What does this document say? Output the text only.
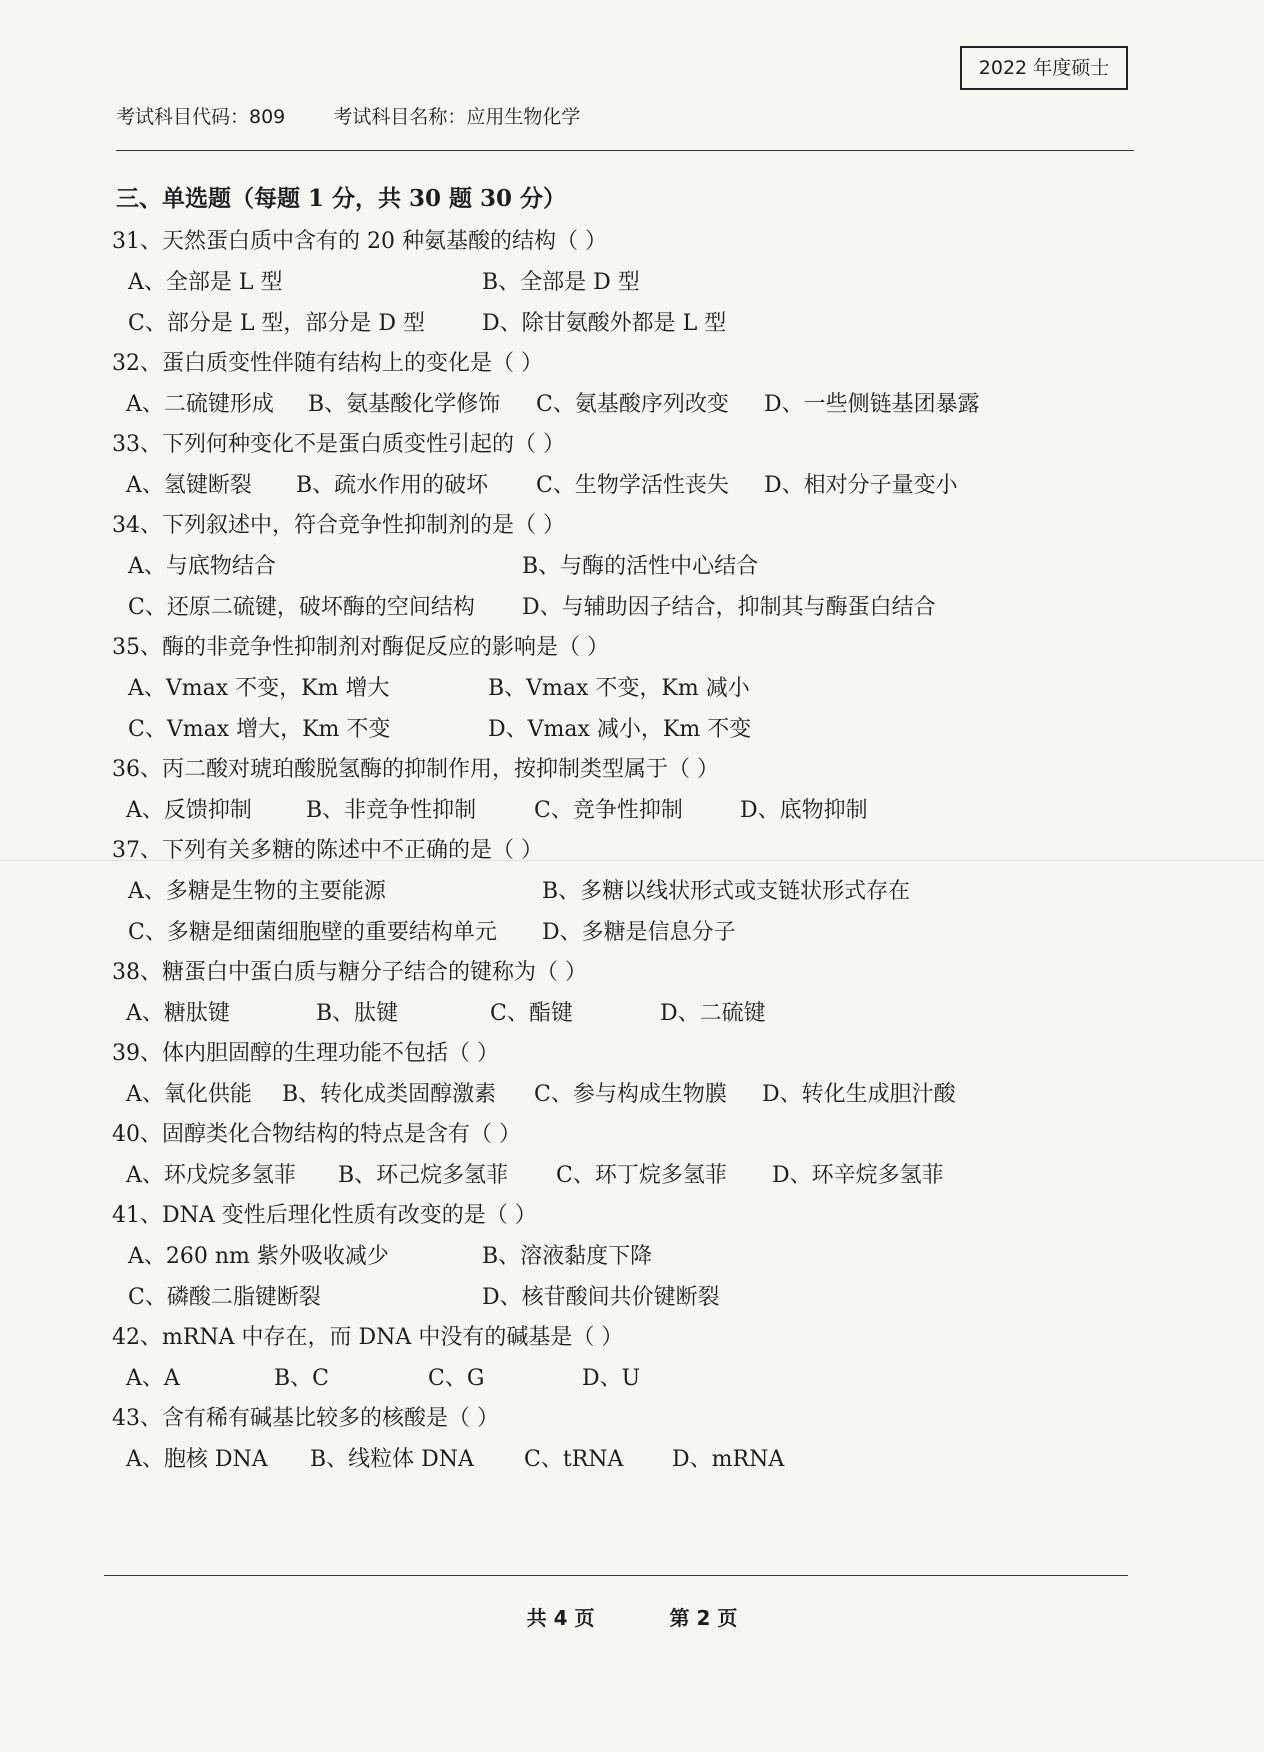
2022 年度硕士
考试科目代码：809	考试科目名称：应用生物化学
三、单选题（每题 1 分，共 30 题 30 分）
31、天然蛋白质中含有的 20 种氨基酸的结构（ ）
A、全部是 L 型	B、全部是 D 型
C、部分是 L 型，部分是 D 型	D、除甘氨酸外都是 L 型
32、蛋白质变性伴随有结构上的变化是（ ）
A、二硫键形成 B、氨基酸化学修饰 C、氨基酸序列改变 D、一些侧链基团暴露
33、下列何种变化不是蛋白质变性引起的（ ）
A、氢键断裂 B、疏水作用的破坏 C、生物学活性丧失 D、相对分子量变小
34、下列叙述中，符合竞争性抑制剂的是（ ）
A、与底物结合	B、与酶的活性中心结合
C、还原二硫键，破坏酶的空间结构 D、与辅助因子结合，抑制其与酶蛋白结合
35、酶的非竞争性抑制剂对酶促反应的影响是（ ）
A、Vmax 不变，Km 增大	B、Vmax 不变，Km 减小
C、Vmax 增大，Km 不变	D、Vmax 减小，Km 不变
36、丙二酸对琥珀酸脱氢酶的抑制作用，按抑制类型属于（ ）
A、反馈抑制 B、非竞争性抑制	C、竞争性抑制	D、底物抑制
37、下列有关多糖的陈述中不正确的是（ ）
A、多糖是生物的主要能源	B、多糖以线状形式或支链状形式存在
C、多糖是细菌细胞壁的重要结构单元 D、多糖是信息分子
38、糖蛋白中蛋白质与糖分子结合的键称为（ ）
A、糖肽键	B、肽键	C、酯键	D、二硫键
39、体内胆固醇的生理功能不包括（ ）
A、氧化供能 B、转化成类固醇激素 C、参与构成生物膜 D、转化生成胆汁酸
40、固醇类化合物结构的特点是含有（ ）
A、环戊烷多氢菲 B、环己烷多氢菲 C、环丁烷多氢菲 D、环辛烷多氢菲
41、DNA 变性后理化性质有改变的是（ ）
A、260 nm 紫外吸收减少	B、溶液黏度下降
C、磷酸二脂键断裂	D、核苷酸间共价键断裂
42、mRNA 中存在，而 DNA 中没有的碱基是（ ）
A、A	B、C	C、G	D、U
43、含有稀有碱基比较多的核酸是（ ）
A、胞核 DNA B、线粒体 DNA C、tRNA D、mRNA
共 4 页	第 2 页
